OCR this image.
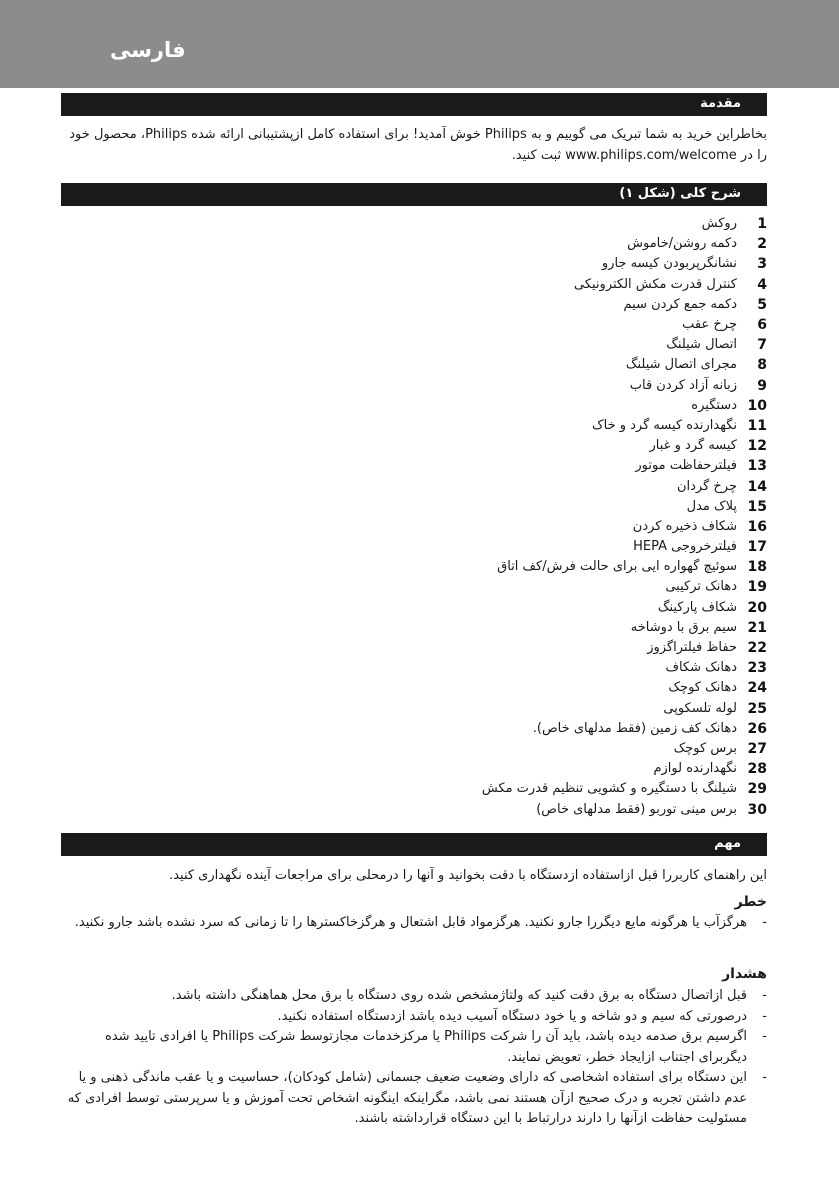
فارسی
مقدمة

بخاطراین خرید به شما تبریک می گوییم و به Philips خوش آمدید! برای استفاده کامل ازپشتیبانی ارائه شده Philips، محصول خود را در www.philips.com/welcome ثبت کنید.

شرح کلی (شکل ۱)
1
روکش
2
دکمه روشن/خاموش
3
نشانگرپربودن کیسه جارو
4
کنترل قدرت مکش الکترونیکی
5
دکمه جمع کردن سیم
6
چرخ عقب
7
اتصال شیلنگ
8
مجرای اتصال شیلنگ
9
زبانه آزاد کردن قاب
10
دستگیره
11
نگهدارنده کیسه گرد و خاک
12
کیسه گرد و غبار
13
فیلترحفاظت موتور
14
چرخ گردان
15
پلاک مدل
16
شکاف ذخیره کردن
17
فیلترخروجی HEPA
18
سوئیچ گهواره ایی برای حالت فرش/کف اتاق
19
دهانک ترکیبی
20
شکاف پارکینگ
21
سیم برق با دوشاخه
22
حفاظ فیلتراگزوز
23
دهانک شکاف
24
دهانک کوچک
25
لوله تلسکوپی
26
دهانک کف زمین (فقط مدلهای خاص).
27
برس کوچک
28
نگهدارنده لوازم
29
شیلنگ با دستگیره و کشویی تنظیم قدرت مکش
30
برس مینی توربو (فقط مدلهای خاص)
مهم

این راهنمای کاربررا قبل ازاستفاده ازدستگاه با دقت بخوانید و آنها را درمحلی برای مراجعات آینده نگهداری کنید.

خطر
-
هرگزآب یا هرگونه مایع دیگررا جارو نکنید. هرگزمواد قابل اشتعال و هرگزخاکسترها را تا زمانی که سرد نشده باشد جارو نکنید.
هشدار
-
قبل ازاتصال دستگاه به برق دقت کنید که ولتاژمشخص شده روی دستگاه با برق محل هماهنگی داشته باشد.
-
درصورتی که سیم و دو شاخه و یا خود دستگاه آسیب دیده باشد ازدستگاه استفاده نکنید.
-
اگرسیم برق صدمه دیده باشد، باید آن را شرکت Philips یا مرکزخدمات مجازتوسط شرکت Philips یا افرادی تایید شده دیگربرای اجتناب ازایجاد خطر، تعویض نمایند.
-
این دستگاه برای استفاده اشخاصی که دارای وضعیت ضعیف جسمانی (شامل کودکان)، حساسیت و یا عقب ماندگی ذهنی و یا عدم داشتن تجربه و درک صحیح ازآن هستند نمی باشد، مگراینکه اینگونه اشخاص تحت آموزش و یا سرپرستی توسط افرادی که مسئولیت حفاظت ازآنها را دارند درارتباط با این دستگاه قرارداشته باشند.
